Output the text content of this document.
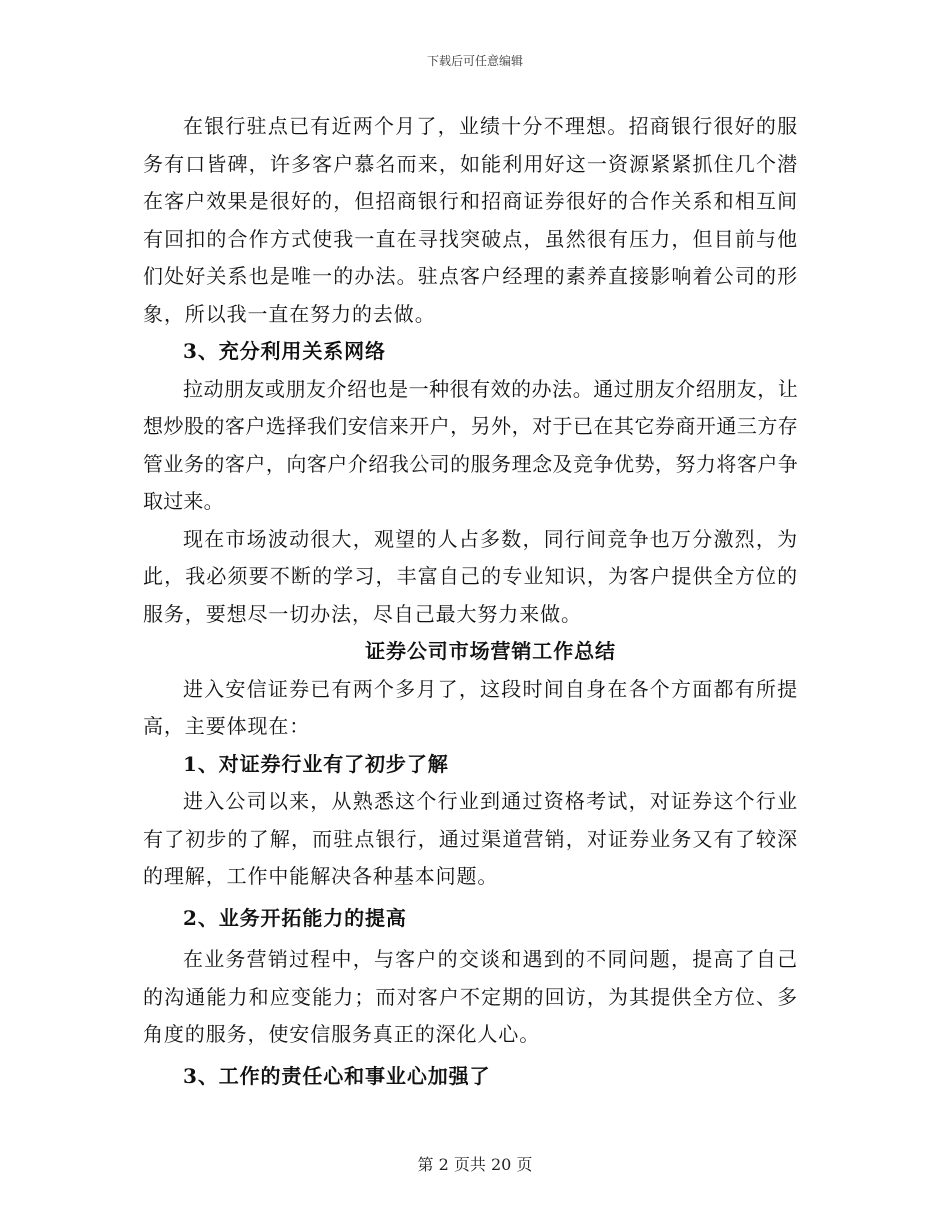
下载后可任意编辑

在银行驻点已有近两个月了，业绩十分不理想。招商银行很好的服务有口皆碑，许多客户慕名而来，如能利用好这一资源紧紧抓住几个潜在客户效果是很好的，但招商银行和招商证券很好的合作关系和相互间有回扣的合作方式使我一直在寻找突破点，虽然很有压力，但目前与他们处好关系也是唯一的办法。驻点客户经理的素养直接影响着公司的形象，所以我一直在努力的去做。

3、充分利用关系网络

拉动朋友或朋友介绍也是一种很有效的办法。通过朋友介绍朋友，让想炒股的客户选择我们安信来开户，另外，对于已在其它券商开通三方存管业务的客户，向客户介绍我公司的服务理念及竞争优势，努力将客户争取过来。

现在市场波动很大，观望的人占多数，同行间竞争也万分激烈，为此，我必须要不断的学习，丰富自己的专业知识，为客户提供全方位的服务，要想尽一切办法，尽自己最大努力来做。

证券公司市场营销工作总结

进入安信证券已有两个多月了，这段时间自身在各个方面都有所提高，主要体现在：

1、对证券行业有了初步了解

进入公司以来，从熟悉这个行业到通过资格考试，对证券这个行业有了初步的了解，而驻点银行，通过渠道营销，对证券业务又有了较深的理解，工作中能解决各种基本问题。

2、业务开拓能力的提高

在业务营销过程中，与客户的交谈和遇到的不同问题，提高了自己的沟通能力和应变能力；而对客户不定期的回访，为其提供全方位、多角度的服务，使安信服务真正的深化人心。

3、工作的责任心和事业心加强了

第 2 页共 20 页
